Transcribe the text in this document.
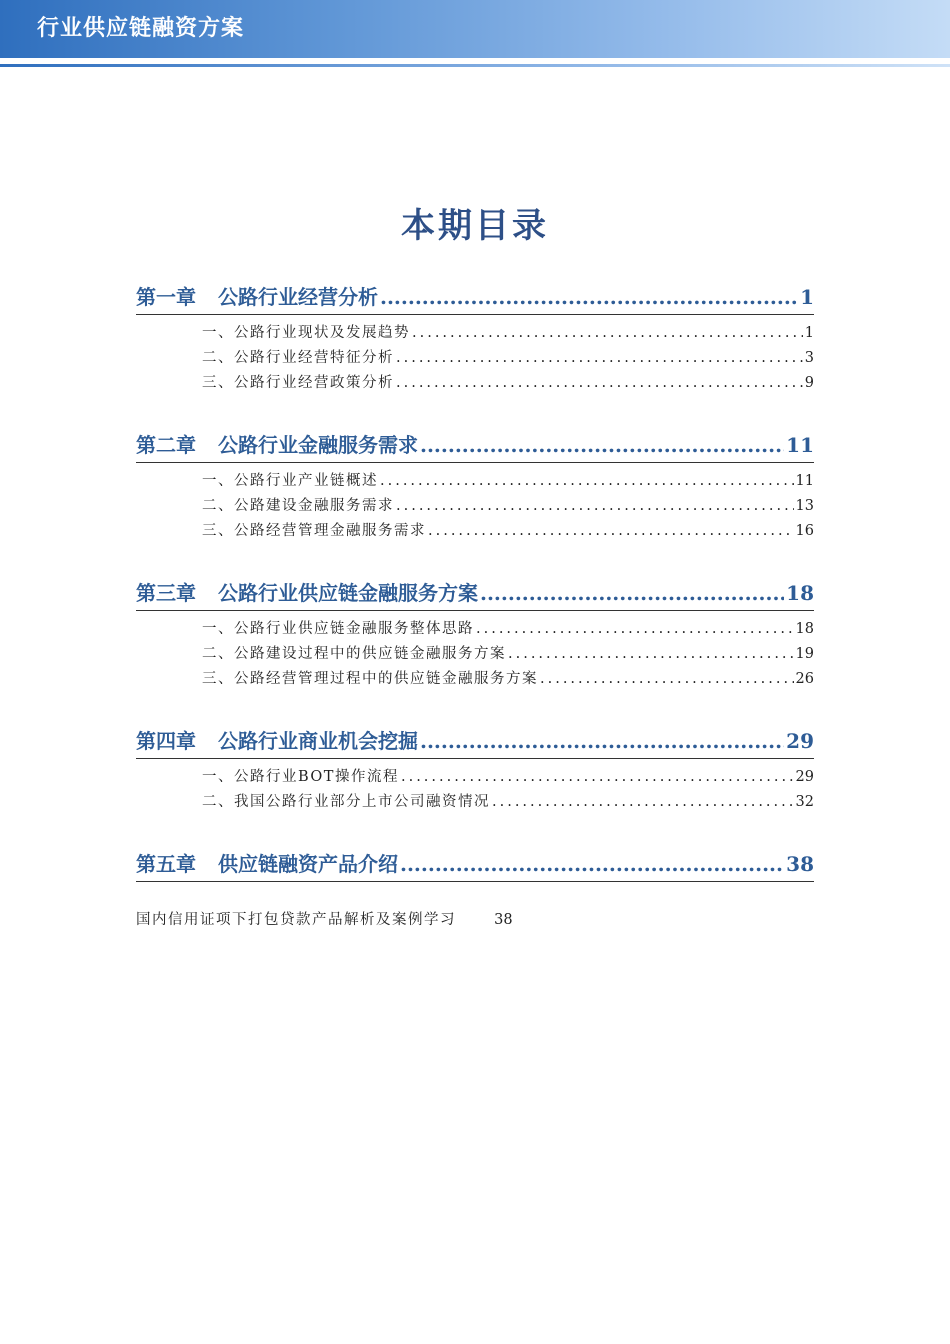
行业供应链融资方案
本期目录
第一章 公路行业经营分析 .....	1
一、公路行业现状及发展趋势 .....	1
二、公路行业经营特征分析 .....	3
三、公路行业经营政策分析 .....	9
第二章 公路行业金融服务需求 .....	11
一、公路行业产业链概述 .....	11
二、公路建设金融服务需求 .....	13
三、公路经营管理金融服务需求 .....	16
第三章 公路行业供应链金融服务方案 .....	18
一、公路行业供应链金融服务整体思路 .....	18
二、公路建设过程中的供应链金融服务方案 .....	19
三、公路经营管理过程中的供应链金融服务方案 .....	26
第四章 公路行业商业机会挖掘 .....	29
一、公路行业BOT操作流程 .....	29
二、我国公路行业部分上市公司融资情况 .....	32
第五章 供应链融资产品介绍 .....	38
国内信用证项下打包贷款产品解析及案例学习	38
